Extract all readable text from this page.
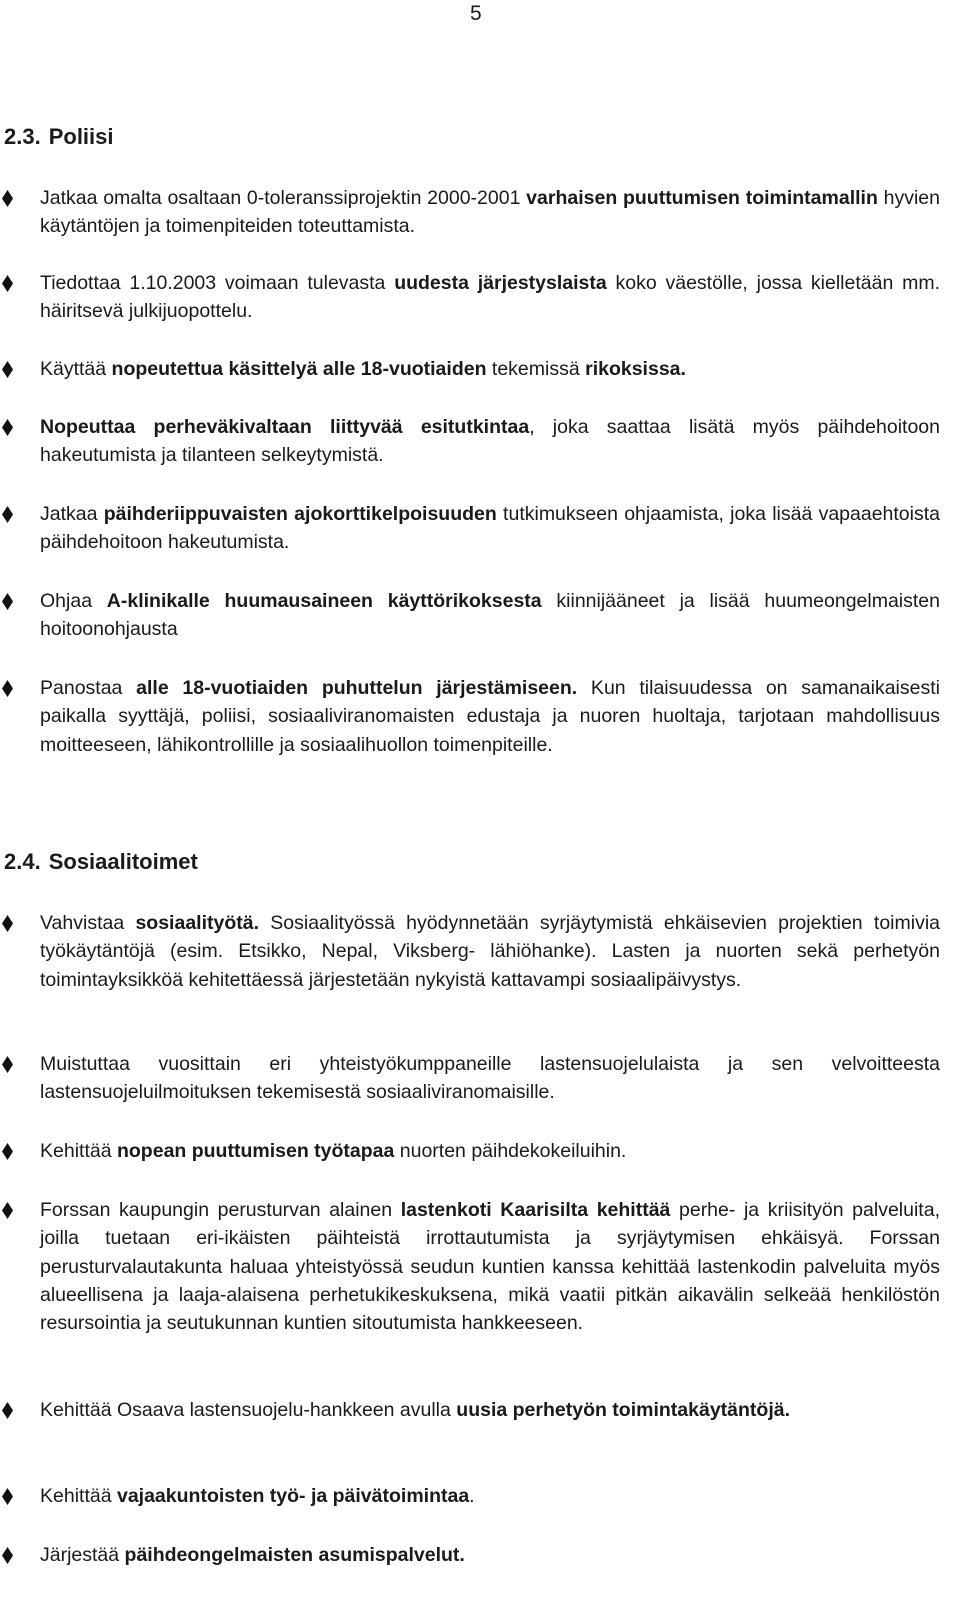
5
2.3. Poliisi
Jatkaa omalta osaltaan 0-toleranssiprojektin 2000-2001 varhaisen puuttumisen toimintamallin hyvien käytäntöjen ja toimenpiteiden toteuttamista.
Tiedottaa 1.10.2003 voimaan tulevasta uudesta järjestyslaista koko väestölle, jossa kielletään mm. häiritsevä julkijuopottelu.
Käyttää nopeutettua käsittelyä alle 18-vuotiaiden tekemissä rikoksissa.
Nopeuttaa perheväkivaltaan liittyvää esitutkintaa, joka saattaa lisätä myös päihdehoitoon hakeutumista ja tilanteen selkeytymistä.
Jatkaa päihderiippuvaisten ajokorttikelpoisuuden tutkimukseen ohjaamista, joka lisää vapaaehtoista päihdehoitoon hakeutumista.
Ohjaa A-klinikalle huumausaineen käyttörikoksesta kiinnijääneet ja lisää huumeongelmaisten hoitoonohjausta
Panostaa alle 18-vuotiaiden puhuttelun järjestämiseen. Kun tilaisuudessa on samanaikaisesti paikalla syyttäjä, poliisi, sosiaaliviranomaisten edustaja ja nuoren huoltaja, tarjotaan mahdollisuus moitteeseen, lähikontrollille ja sosiaalihuollon toimenpiteille.
2.4. Sosiaalitoimet
Vahvistaa sosiaalityötä. Sosiaalityössä hyödynnetään syrjäytymistä ehkäisevien projektien toimivia työkäytäntöjä (esim. Etsikko, Nepal, Viksberg- lähiöhanke). Lasten ja nuorten sekä perhetyön toimintayksikköä kehitettäessä järjestetään nykyistä kattavampi sosiaalipäivystys.
Muistuttaa vuosittain eri yhteistyökumppaneille lastensuojelulaista ja sen velvoitteesta lastensuojeluilmoituksen tekemisestä sosiaaliviranomaisille.
Kehittää nopean puuttumisen työtapaa nuorten päihdekokeiluihin.
Forssan kaupungin perusturvan alainen lastenkoti Kaarisilta kehittää perhe- ja kriisityön palveluita, joilla tuetaan eri-ikäisten päihteistä irrottautumista ja syrjäytymisen ehkäisyä. Forssan perusturvalautakunta haluaa yhteistyössä seudun kuntien kanssa kehittää lastenkodin palveluita myös alueellisena ja laaja-alaisena perhetukikeskuksena, mikä vaatii pitkän aikavälin selkeää henkilöstön resursointia ja seutukunnan kuntien sitoutumista hankkeeseen.
Kehittää Osaava lastensuojelu-hankkeen avulla uusia perhetyön toimintakäytäntöjä.
Kehittää vajaakuntoisten työ- ja päivätoimintaa.
Järjestää päihdeongelmaisten asumispalvelut.
